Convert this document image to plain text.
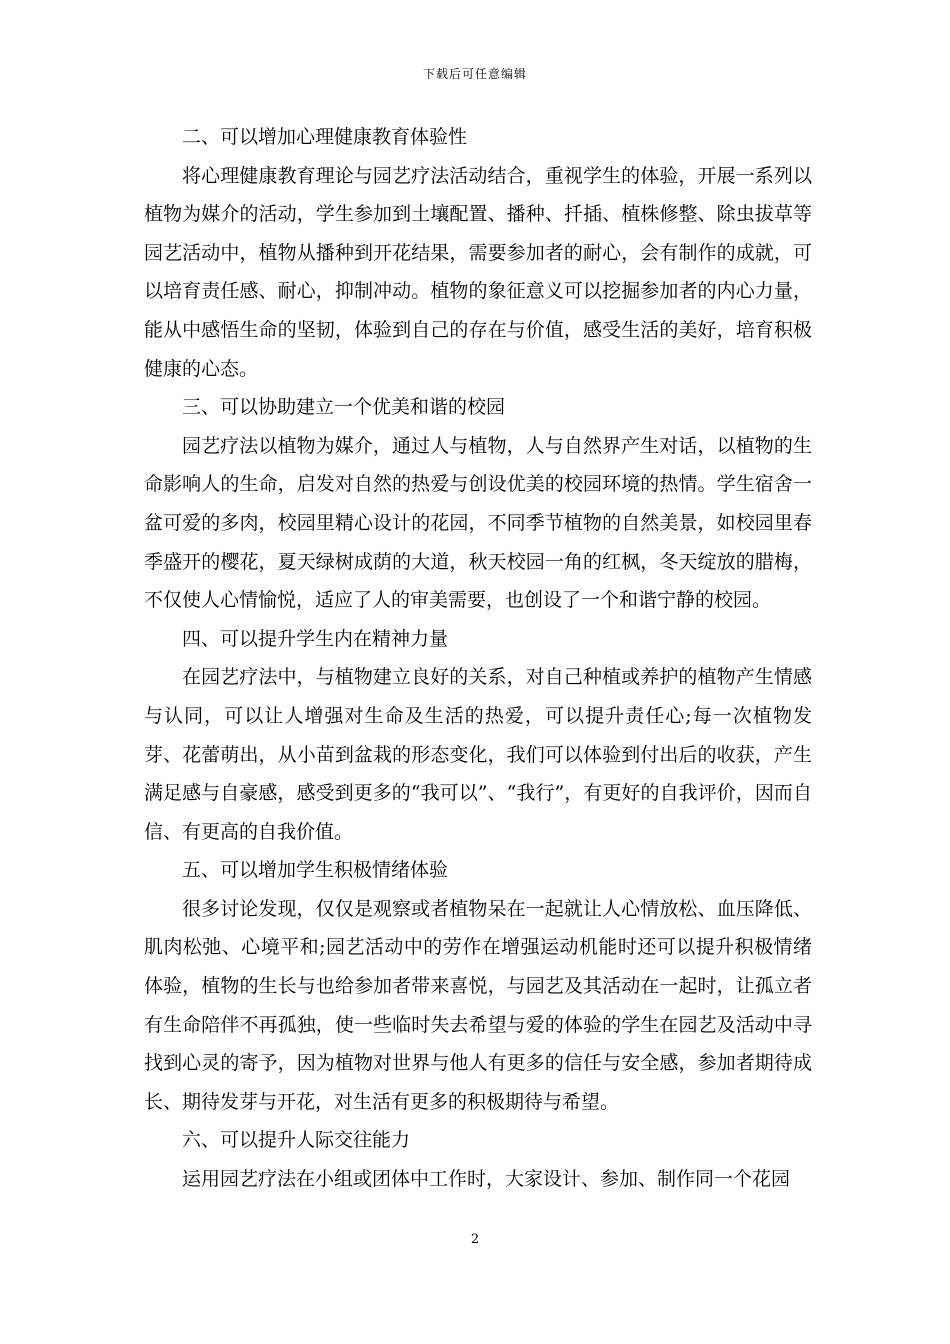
下载后可任意编辑

二、可以增加心理健康教育体验性

将心理健康教育理论与园艺疗法活动结合，重视学生的体验，开展一系列以植物为媒介的活动，学生参加到土壤配置、播种、扦插、植株修整、除虫拔草等园艺活动中，植物从播种到开花结果，需要参加者的耐心，会有制作的成就，可以培育责任感、耐心，抑制冲动。植物的象征意义可以挖掘参加者的内心力量，能从中感悟生命的坚韧，体验到自己的存在与价值，感受生活的美好，培育积极健康的心态。

三、可以协助建立一个优美和谐的校园

园艺疗法以植物为媒介，通过人与植物，人与自然界产生对话，以植物的生命影响人的生命，启发对自然的热爱与创设优美的校园环境的热情。学生宿舍一盆可爱的多肉，校园里精心设计的花园，不同季节植物的自然美景，如校园里春季盛开的樱花，夏天绿树成荫的大道，秋天校园一角的红枫，冬天绽放的腊梅，不仅使人心情愉悦，适应了人的审美需要，也创设了一个和谐宁静的校园。

四、可以提升学生内在精神力量

在园艺疗法中，与植物建立良好的关系，对自己种植或养护的植物产生情感与认同，可以让人增强对生命及生活的热爱，可以提升责任心;每一次植物发芽、花蕾萌出，从小苗到盆栽的形态变化，我们可以体验到付出后的收获，产生满足感与自豪感，感受到更多的“我可以”、“我行”，有更好的自我评价，因而自信、有更高的自我价值。

五、可以增加学生积极情绪体验

很多讨论发现，仅仅是观察或者植物呆在一起就让人心情放松、血压降低、肌肉松弛、心境平和;园艺活动中的劳作在增强运动机能时还可以提升积极情绪体验，植物的生长与也给参加者带来喜悦，与园艺及其活动在一起时，让孤立者有生命陪伴不再孤独，使一些临时失去希望与爱的体验的学生在园艺及活动中寻找到心灵的寄予，因为植物对世界与他人有更多的信任与安全感，参加者期待成长、期待发芽与开花，对生活有更多的积极期待与希望。

六、可以提升人际交往能力

运用园艺疗法在小组或团体中工作时，大家设计、参加、制作同一个花园

2
